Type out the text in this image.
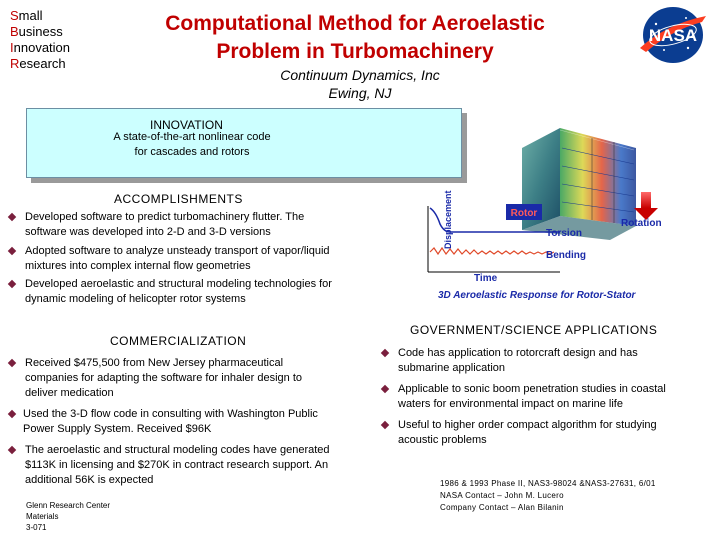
Small
Business
Innovation
Research
Computational Method for Aeroelastic
Problem in Turbomachinery
Continuum Dynamics, Inc
Ewing, NJ
NASA
INNOVATION
A state-of-the-art nonlinear code
for cascades and rotors
Rotation
Displacement
Time
Rotor
Torsion
Bending
3D Aeroelastic Response for Rotor-Stator
ACCOMPLISHMENTS
Developed software to predict turbomachinery flutter. The
software was developed into 2-D and 3-D versions
Adopted software to analyze unsteady transport of vapor/liquid
mixtures into complex internal flow geometries
Developed aeroelastic and structural modeling technologies for
dynamic modeling of helicopter rotor systems
COMMERCIALIZATION
Received $475,500 from New Jersey pharmaceutical
companies for adapting the software for inhaler design to
deliver medication
Used the 3-D flow code in consulting with Washington Public
Power Supply System. Received $96K
The aeroelastic and structural modeling codes have generated
$113K in licensing and $270K in contract research support. An
additional 56K is expected
GOVERNMENT/SCIENCE APPLICATIONS
Code has application to rotorcraft design and has
submarine application
Applicable to sonic boom penetration studies in coastal
waters for environmental impact on marine life
Useful to higher order compact algorithm for studying
acoustic problems
Glenn Research Center
Materials
3-071
1986 & 1993 Phase II, NAS3-98024 &NAS3-27631, 6/01
NASA Contact – John M. Lucero
Company Contact – Alan Bilanin
